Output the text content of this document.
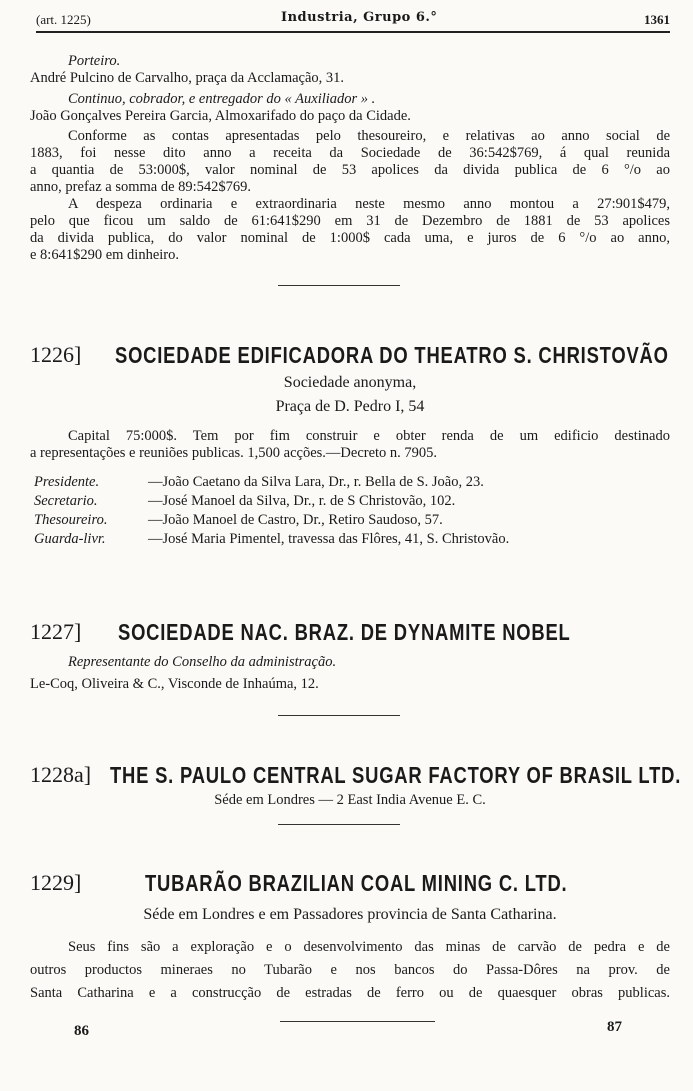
(art. 1225)	Industria, Grupo 6.°	1361
Porteiro.
André Pulcino de Carvalho, praça da Acclamação, 31.
Continuo, cobrador, e entregador do « Auxiliador » .
João Gonçalves Pereira Garcia, Almoxarifado do paço da Cidade.
Conforme as contas apresentadas pelo thesoureiro, e relativas ao anno social de
1883, foi nesse dito anno a receita da Sociedade de 36:542$769, á qual reunida
a quantia de 53:000$, valor nominal de 53 apolices da divida publica de 6 °/o ao
anno, prefaz a somma de 89:542$769.
A despeza ordinaria e extraordinaria neste mesmo anno montou a 27:901$479,
pelo que ficou um saldo de 61:641$290 em 31 de Dezembro de 1881 de 53 apolices
da divida publica, do valor nominal de 1:000$ cada uma, e juros de 6 °/o ao anno,
e 8:641$290 em dinheiro.
1226] SOCIEDADE EDIFICADORA DO THEATRO S. CHRISTOVÃO
Sociedade anonyma,
Praça de D. Pedro I, 54
Capital 75:000$. Tem por fim construir e obter renda de um edificio destinado
a representações e reuniões publicas. 1,500 acções.—Decreto n. 7905.
Presidente.	—João Caetano da Silva Lara, Dr., r. Bella de S. João, 23.
Secretario.	—José Manoel da Silva, Dr., r. de S Christovão, 102.
Thesoureiro.	—João Manoel de Castro, Dr., Retiro Saudoso, 57.
Guarda-livr.	—José Maria Pimentel, travessa das Flôres, 41, S. Christovão.
1227] SOCIEDADE NAC. BRAZ. DE DYNAMITE NOBEL
Representante do Conselho da administração.
Le-Coq, Oliveira & C., Visconde de Inhaúma, 12.
1228a] THE S. PAULO CENTRAL SUGAR FACTORY OF BRASIL LTD.
Séde em Londres — 2 East India Avenue E. C.
1229]	TUBARÃO BRAZILIAN COAL MINING C. LTD.
Séde em Londres e em Passadores provincia de Santa Catharina.
Seus fins são a exploração e o desenvolvimento das minas de carvão de pedra e de
outros productos mineraes no Tubarão e nos bancos do Passa-Dôres na prov. de
Santa Catharina e a construcção de estradas de ferro ou de quaesquer obras publicas.
86	87
